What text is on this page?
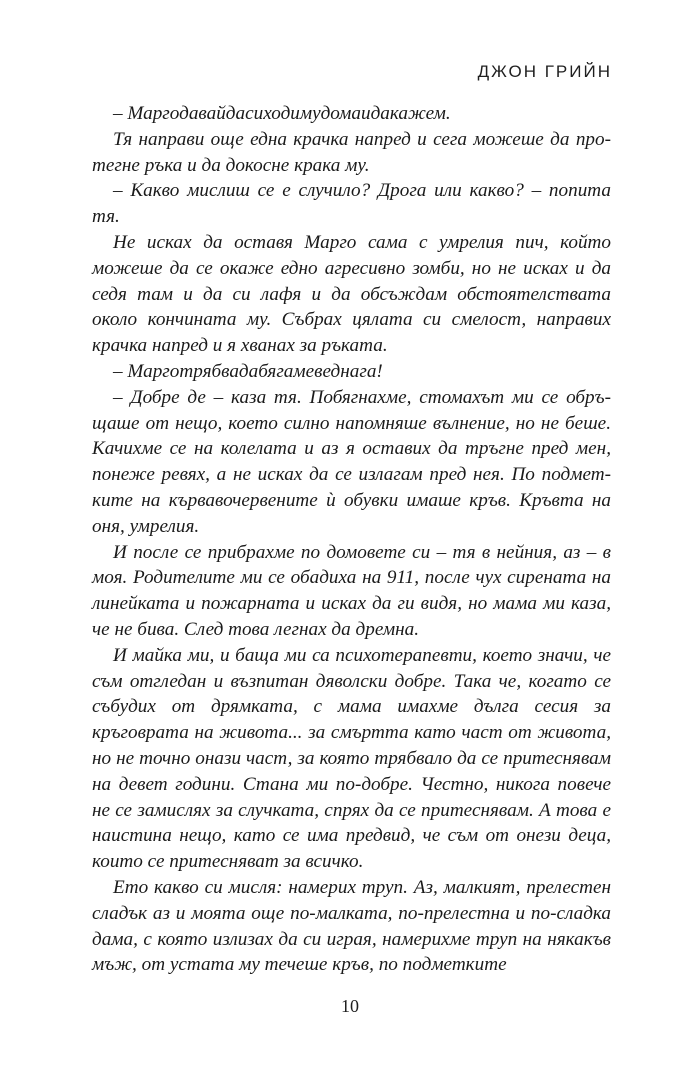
ДЖОН ГРИЙН

– Маргодавайдасиходимудомаидакажем.

Тя направи още една крачка напред и сега можеше да протегне ръка и да докосне крака му.

– Какво мислиш се е случило? Дрога или какво? – попита тя.

Не исках да оставя Марго сама с умрелия пич, който можеше да се окаже едно агресивно зомби, но не исках и да седя там и да си лафя и да обсъждам обстоятелствата около кончината му. Събрах цялата си смелост, направих крачка напред и я хванах за ръката.

– Марготрябвадабягамеведнага!

– Добре де – каза тя. Побягнахме, стомахът ми се обръщаше от нещо, което силно напомняше вълнение, но не беше. Качихме се на колелата и аз я оставих да тръгне пред мен, понеже ревях, а не исках да се излагам пред нея. По подметките на кървавочервените ѝ обувки имаше кръв. Кръвта на оня, умрелия.

И после се прибрахме по домовете си – тя в нейния, аз – в моя. Родителите ми се обадиха на 911, после чух сирената на линейката и пожарната и исках да ги видя, но мама ми каза, че не бива. След това легнах да дремна.

И майка ми, и баща ми са психотерапевти, което значи, че съм отгледан и възпитан дяволски добре. Така че, когато се събудих от дрямката, с мама имахме дълга сесия за кръговрата на живота... за смъртта като част от живота, но не точно онази част, за която трябвало да се притеснявам на девет години. Стана ми по-добре. Честно, никога повече не се замислях за случката, спрях да се притеснявам. А това е наистина нещо, като се има предвид, че съм от онези деца, които се притесняват за всичко.

Ето какво си мисля: намерих труп. Аз, малкият, прелестен сладък аз и моята още по-малката, по-прелестна и по-сладка дама, с която излизах да си играя, намерихме труп на някакъв мъж, от устата му течеше кръв, по подметките

10
